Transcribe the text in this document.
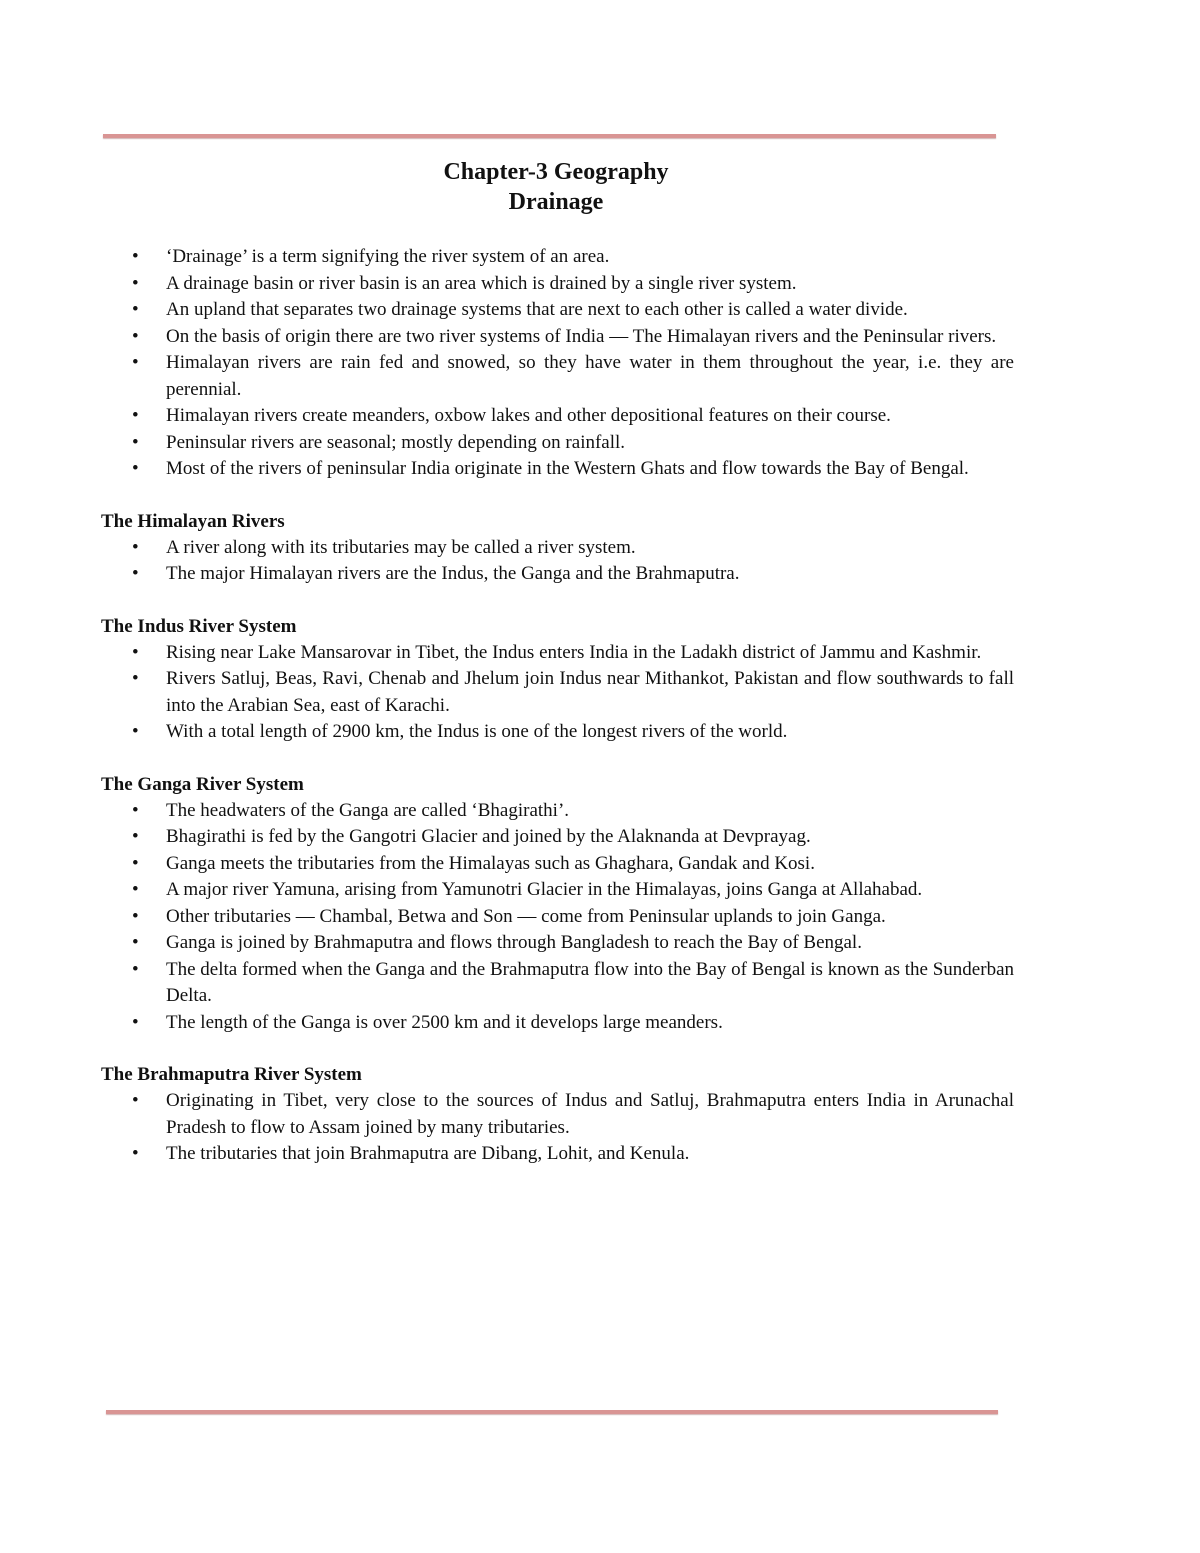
Chapter-3 Geography
Drainage
• ‘Drainage’ is a term signifying the river system of an area.
• A drainage basin or river basin is an area which is drained by a single river system.
• An upland that separates two drainage systems that are next to each other is called a water divide.
• On the basis of origin there are two river systems of India — The Himalayan rivers and the Peninsular rivers.
• Himalayan rivers are rain fed and snowed, so they have water in them throughout the year, i.e. they are perennial.
• Himalayan rivers create meanders, oxbow lakes and other depositional features on their course.
• Peninsular rivers are seasonal; mostly depending on rainfall.
• Most of the rivers of peninsular India originate in the Western Ghats and flow towards the Bay of Bengal.
The Himalayan Rivers
• A river along with its tributaries may be called a river system.
• The major Himalayan rivers are the Indus, the Ganga and the Brahmaputra.
The Indus River System
• Rising near Lake Mansarovar in Tibet, the Indus enters India in the Ladakh district of Jammu and Kashmir.
• Rivers Satluj, Beas, Ravi, Chenab and Jhelum join Indus near Mithankot, Pakistan and flow southwards to fall into the Arabian Sea, east of Karachi.
• With a total length of 2900 km, the Indus is one of the longest rivers of the world.
The Ganga River System
• The headwaters of the Ganga are called ‘Bhagirathi’.
• Bhagirathi is fed by the Gangotri Glacier and joined by the Alaknanda at Devprayag.
• Ganga meets the tributaries from the Himalayas such as Ghaghara, Gandak and Kosi.
• A major river Yamuna, arising from Yamunotri Glacier in the Himalayas, joins Ganga at Allahabad.
• Other tributaries — Chambal, Betwa and Son — come from Peninsular uplands to join Ganga.
• Ganga is joined by Brahmaputra and flows through Bangladesh to reach the Bay of Bengal.
• The delta formed when the Ganga and the Brahmaputra flow into the Bay of Bengal is known as the Sunderban Delta.
• The length of the Ganga is over 2500 km and it develops large meanders.
The Brahmaputra River System
• Originating in Tibet, very close to the sources of Indus and Satluj, Brahmaputra enters India in Arunachal Pradesh to flow to Assam joined by many tributaries.
• The tributaries that join Brahmaputra are Dibang, Lohit, and Kenula.
